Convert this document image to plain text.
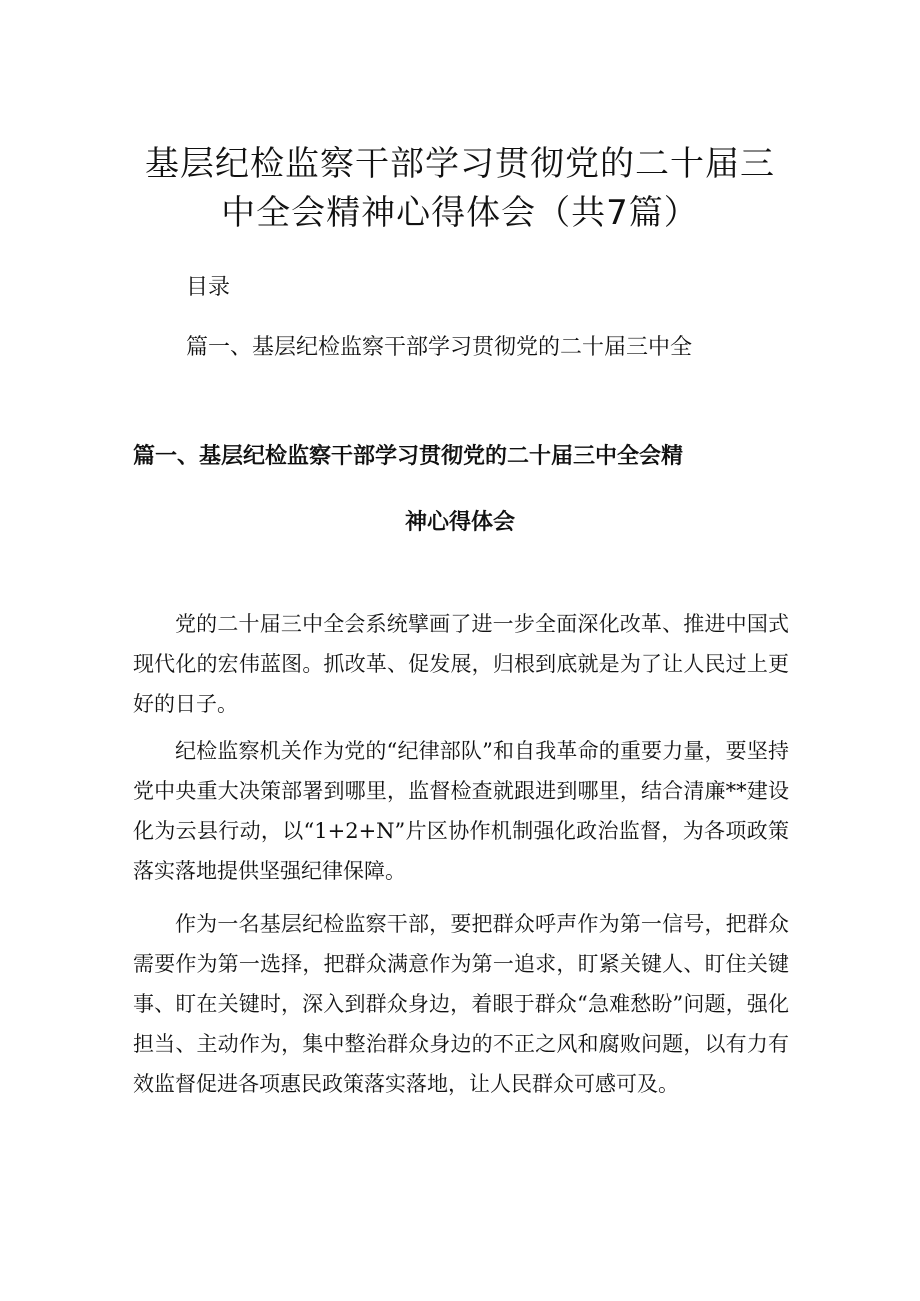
基层纪检监察干部学习贯彻党的二十届三
中全会精神心得体会（共7篇）

目录

篇一、基层纪检监察干部学习贯彻党的二十届三中全

篇一、基层纪检监察干部学习贯彻党的二十届三中全会精
神心得体会

党的二十届三中全会系统擘画了进一步全面深化改革、推进中国式现代化的宏伟蓝图。抓改革、促发展，归根到底就是为了让人民过上更好的日子。

纪检监察机关作为党的“纪律部队”和自我革命的重要力量，要坚持党中央重大决策部署到哪里，监督检查就跟进到哪里，结合清廉**建设化为云县行动，以“1+2+N”片区协作机制强化政治监督，为各项政策落实落地提供坚强纪律保障。

作为一名基层纪检监察干部，要把群众呼声作为第一信号，把群众需要作为第一选择，把群众满意作为第一追求，盯紧关键人、盯住关键事、盯在关键时，深入到群众身边，着眼于群众“急难愁盼”问题，强化担当、主动作为，集中整治群众身边的不正之风和腐败问题，以有力有效监督促进各项惠民政策落实落地，让人民群众可感可及。
